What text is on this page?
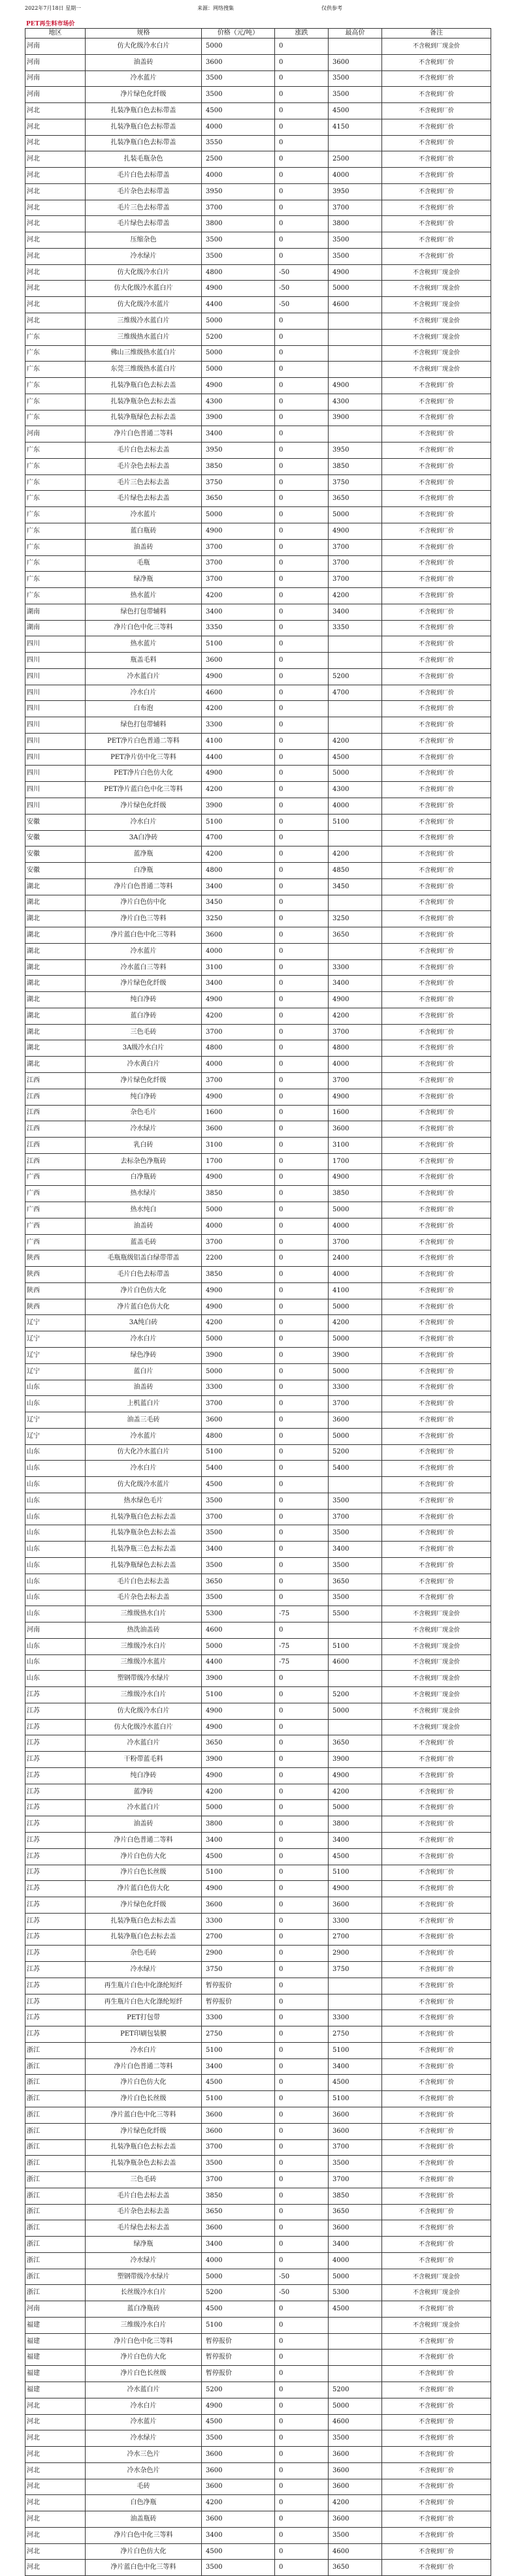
2022年7月18日 星期一	来源：网络搜集	仅供参考
PET再生料市场价
地区	规格	价格（元/吨）	涨跌	最高价	备注
河南	仿大化级冷水白片	5000	0		不含税到厂现金价
河南	油盖砖	3600	0	3600	不含税到厂价
河南	冷水蓝片	3500	0	3500	不含税到厂价
河南	净片绿色化纤级	3500	0	3500	不含税到厂价
河北	扎装净瓶白色去标带盖	4500	0	4500	不含税到厂价
河北	扎装净瓶白色去标带盖	4000	0	4150	不含税到厂价
河北	扎装净瓶白色去标带盖	3550	0		不含税到厂价
河北	扎装毛瓶杂色	2500	0	2500	不含税到厂价
河北	毛片白色去标带盖	4000	0	4000	不含税到厂价
河北	毛片杂色去标带盖	3950	0	3950	不含税到厂价
河北	毛片三色去标带盖	3700	0	3700	不含税到厂价
河北	毛片绿色去标带盖	3800	0	3800	不含税到厂价
河北	压缩杂色	3500	0	3500	不含税到厂价
河北	冷水绿片	3500	0	3500	不含税到厂价
河北	仿大化级冷水白片	4800	-50	4900	不含税到厂现金价
河北	仿大化级冷水蓝白片	4900	-50	5000	不含税到厂现金价
河北	仿大化级冷水蓝片	4400	-50	4600	不含税到厂现金价
河北	三维级冷水蓝白片	5000	0		不含税到厂现金价
广东	三维级热水蓝白片	5200	0		不含税到厂现金价
广东	佛山三维级热水蓝白片	5000	0		不含税到厂现金价
广东	东莞三维级热水蓝白片	5000	0		不含税到厂现金价
广东	扎装净瓶白色去标去盖	4900	0	4900	不含税到厂价
广东	扎装净瓶杂色去标去盖	4300	0	4300	不含税到厂价
广东	扎装净瓶绿色去标去盖	3900	0	3900	不含税到厂价
河南	净片白色普通二等料	3400	0		不含税到厂价
广东	毛片白色去标去盖	3950	0	3950	不含税到厂价
广东	毛片杂色去标去盖	3850	0	3850	不含税到厂价
广东	毛片三色去标去盖	3750	0	3750	不含税到厂价
广东	毛片绿色去标去盖	3650	0	3650	不含税到厂价
广东	冷水蓝片	5000	0	5000	不含税到厂价
广东	蓝白瓶砖	4900	0	4900	不含税到厂价
广东	油盖砖	3700	0	3700	不含税到厂价
广东	毛瓶	3700	0	3700	不含税到厂价
广东	绿净瓶	3700	0	3700	不含税到厂价
广东	热水蓝片	4200	0	4200	不含税到厂价
湖南	绿色打包带辅料	3400	0	3400	不含税到厂价
湖南	净片白色中化三等料	3350	0	3350	不含税到厂价
四川	热水蓝片	5100	0		不含税到厂价
四川	瓶盖毛料	3600	0		不含税到厂价
四川	冷水蓝白片	4900	0	5200	不含税到厂价
四川	冷水白片	4600	0	4700	不含税到厂价
四川	白布泡	4200	0		不含税到厂价
四川	绿色打包带辅料	3300	0		不含税到厂价
四川	PET净片白色普通二等料	4100	0	4200	不含税到厂价
四川	PET净片仿中化三等料	4400	0	4500	不含税到厂价
四川	PET净片白色仿大化	4900	0	5000	不含税到厂价
四川	PET净片蓝白色中化三等料	4200	0	4300	不含税到厂价
四川	净片绿色化纤级	3900	0	4000	不含税到厂价
安徽	冷水白片	5100	0	5100	不含税到厂价
安徽	3A白净砖	4700	0		不含税到厂价
安徽	蓝净瓶	4200	0	4200	不含税到厂价
安徽	白净瓶	4800	0	4850	不含税到厂价
湖北	净片白色普通二等料	3400	0	3450	不含税到厂价
湖北	净片白色仿中化	3450	0		不含税到厂价
湖北	净片白色三等料	3250	0	3250	不含税到厂价
湖北	净片蓝白色中化三等料	3600	0	3650	不含税到厂价
湖北	冷水蓝片	4000	0		不含税到厂价
湖北	冷水蓝白三等料	3100	0	3300	不含税到厂价
湖北	净片绿色化纤级	3400	0	3400	不含税到厂价
湖北	纯白净砖	4900	0	4900	不含税到厂价
湖北	蓝白净砖	4200	0	4200	不含税到厂价
湖北	三色毛砖	3700	0	3700	不含税到厂价
湖北	3A级冷水白片	4800	0	4800	不含税到厂价
湖北	冷水黄白片	4000	0	4000	不含税到厂价
江西	净片绿色化纤级	3700	0	3700	不含税到厂价
江西	纯白净砖	4900	0	4900	不含税到厂价
江西	杂色毛片	1600	0	1600	不含税到厂价
江西	冷水绿片	3600	0	3600	不含税到厂价
江西	乳白砖	3100	0	3100	不含税到厂价
江西	去标杂色净瓶砖	1700	0	1700	不含税到厂价
广西	白净瓶砖	4900	0	4900	不含税到厂价
广西	热水绿片	3850	0	3850	不含税到厂价
广西	热水纯白	5000	0	5000	不含税到厂价
广西	油盖砖	4000	0	4000	不含税到厂价
广西	蓝盖毛砖	3700	0	3700	不含税到厂价
陕西	毛瓶瓶级铝盖白绿带带盖	2200	0	2400	不含税到厂价
陕西	毛片白色去标带盖	3850	0	4000	不含税到厂价
陕西	净片白色仿大化	4900	0	4100	不含税到厂价
陕西	净片蓝白色仿大化	4900	0	5000	不含税到厂价
辽宁	3A纯白砖	4200	0	4200	不含税到厂价
辽宁	冷水白片	5000	0	5000	不含税到厂价
辽宁	绿色净砖	3900	0	3900	不含税到厂价
辽宁	蓝白片	5000	0	5000	不含税到厂价
山东	油盖砖	3300	0	3300	不含税到厂价
山东	上机蓝白片	3700	0	3700	不含税到厂价
辽宁	油盖三毛砖	3600	0	3600	不含税到厂价
辽宁	冷水蓝片	4800	0	5000	不含税到厂价
山东	仿大化冷水蓝白片	5100	0	5200	不含税到厂价
山东	冷水白片	5400	0	5400	不含税到厂价
山东	仿大化级冷水蓝片	4500	0		不含税到厂价
山东	热水绿色毛片	3500	0	3500	不含税到厂价
山东	扎装净瓶白色去标去盖	3700	0	3700	不含税到厂价
山东	扎装净瓶杂色去标去盖	3500	0	3500	不含税到厂价
山东	扎装净瓶三色去标去盖	3400	0	3400	不含税到厂价
山东	扎装净瓶绿色去标去盖	3500	0	3500	不含税到厂价
山东	毛片白色去标去盖	3650	0	3650	不含税到厂价
山东	毛片杂色去标去盖	3500	0	3500	不含税到厂价
山东	三维级热水白片	5300	-75	5500	不含税到厂现金价
河南	热洗油盖砖	4600	0		不含税到厂现金价
山东	三维级冷水白片	5000	-75	5100	不含税到厂现金价
山东	三维级冷水蓝片	4400	-75	4600	不含税到厂现金价
山东	塑钢带级冷水绿片	3900	0		不含税到厂现金价
江苏	三维级冷水白片	5100	0	5200	不含税到厂现金价
江苏	仿大化级冷水白片	4900	0	5000	不含税到厂现金价
江苏	仿大化级冷水蓝白片	4900	0		不含税到厂现金价
江苏	冷水蓝白片	3650	0	3650	不含税到厂价
江苏	干粉带蓝毛料	3900	0	3900	不含税到厂价
江苏	纯白净砖	4900	0	4900	不含税到厂价
江苏	蓝净砖	4200	0	4200	不含税到厂价
江苏	冷水蓝白片	5000	0	5000	不含税到厂价
江苏	油盖砖	3800	0	3800	不含税到厂价
江苏	净片白色普通二等料	3400	0	3400	不含税到厂价
江苏	净片白色仿大化	4500	0	4500	不含税到厂价
江苏	净片白色长丝级	5100	0	5100	不含税到厂价
江苏	净片蓝白色仿大化	4900	0	4900	不含税到厂价
江苏	净片绿色化纤级	3600	0	3600	不含税到厂价
江苏	扎装净瓶白色去标去盖	3300	0	3300	不含税到厂价
江苏	扎装净瓶白色去标去盖	2700	0	2700	不含税到厂价
江苏	杂色毛砖	2900	0	2900	不含税到厂价
江苏	冷水绿片	3750	0	3750	不含税到厂价
江苏	再生瓶片白色中化涤纶短纤	暂停报价	0		不含税到厂价
江苏	再生瓶片白色大化涤纶短纤	暂停报价	0		不含税到厂价
江苏	PET打包带	3300	0	3300	不含税到厂价
江苏	PET印刷包装膜	2750	0	2750	不含税到厂价
浙江	冷水白片	5100	0	5100	不含税到厂价
浙江	净片白色普通二等料	3400	0	3400	不含税到厂价
浙江	净片白色仿大化	4500	0	4500	不含税到厂价
浙江	净片白色长丝级	5100	0	5100	不含税到厂价
浙江	净片蓝白色中化三等料	3600	0	3600	不含税到厂价
浙江	净片绿色化纤级	3600	0	3600	不含税到厂价
浙江	扎装净瓶白色去标去盖	3700	0	3700	不含税到厂价
浙江	扎装净瓶杂色去标去盖	3500	0	3500	不含税到厂价
浙江	三色毛砖	3700	0	3700	不含税到厂价
浙江	毛片白色去标去盖	3850	0	3850	不含税到厂价
浙江	毛片杂色去标去盖	3650	0	3650	不含税到厂价
浙江	毛片绿色去标去盖	3600	0	3600	不含税到厂价
浙江	绿净瓶	3400	0	3400	不含税到厂价
浙江	冷水绿片	4000	0	4000	不含税到厂价
浙江	塑钢带级冷水绿片	5000	-50	5000	不含税到厂现金价
浙江	长丝级冷水白片	5200	-50	5300	不含税到厂现金价
河南	蓝白净瓶砖	4500	0	4500	不含税到厂价
福建	三维级冷水白片	5100	0		不含税到厂现金价
福建	净片白色中化三等料	暂停报价	0		不含税到厂价
福建	净片白色仿大化	暂停报价	0		不含税到厂价
福建	净片白色长丝级	暂停报价	0		不含税到厂价
福建	冷水蓝白片	5200	0	5200	不含税到厂价
河北	冷水白片	4900	0	5000	不含税到厂价
河北	冷水蓝片	4500	0	4600	不含税到厂价
河北	冷水绿片	3500	0	3500	不含税到厂价
河北	冷水三色片	3600	0	3600	不含税到厂价
河北	冷水杂色片	3600	0	3600	不含税到厂价
河北	毛砖	3600	0	3600	不含税到厂价
河北	白色净瓶	4200	0	4200	不含税到厂价
河北	油盖瓶砖	3600	0	3600	不含税到厂价
河北	净片白色中化三等料	3400	0	3500	不含税到厂价
河北	净片白色仿大化	4500	0	4600	不含税到厂价
河北	净片蓝白色中化三等料	3500	0	3650	不含税到厂价
